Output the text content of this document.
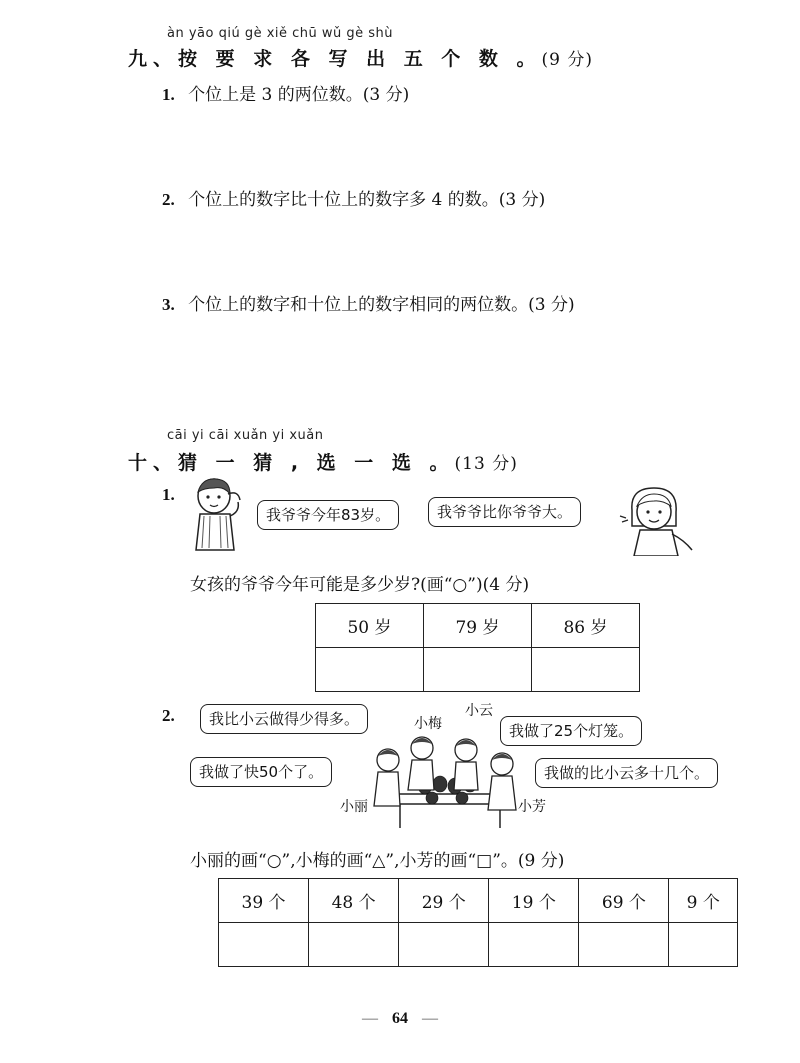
àn yāo qiú gè xiě chū wǔ gè shù
九、按 要 求 各 写 出 五 个 数 。(9 分)
1. 个位上是 3 的两位数。(3 分)
2. 个位上的数字比十位上的数字多 4 的数。(3 分)
3. 个位上的数字和十位上的数字相同的两位数。(3 分)
cāi yi cāi xuǎn yi xuǎn
十、猜 一 猜 , 选 一 选 。(13 分)
1.
我爷爷今年83岁。	我爷爷比你爷爷大。
女孩的爷爷今年可能是多少岁?(画“○”)(4 分)
50 岁	79 岁	86 岁

2.	我比小云做得少得多。	小梅
小云
我做了25个灯笼。
我做了快50个了。	我做的比小云多十几个。
小丽	小芳
小丽的画“○”,小梅的画“△”,小芳的画“□”。(9 分)
39 个	48 个	29 个	19 个	69 个	9 个

— 64 —
